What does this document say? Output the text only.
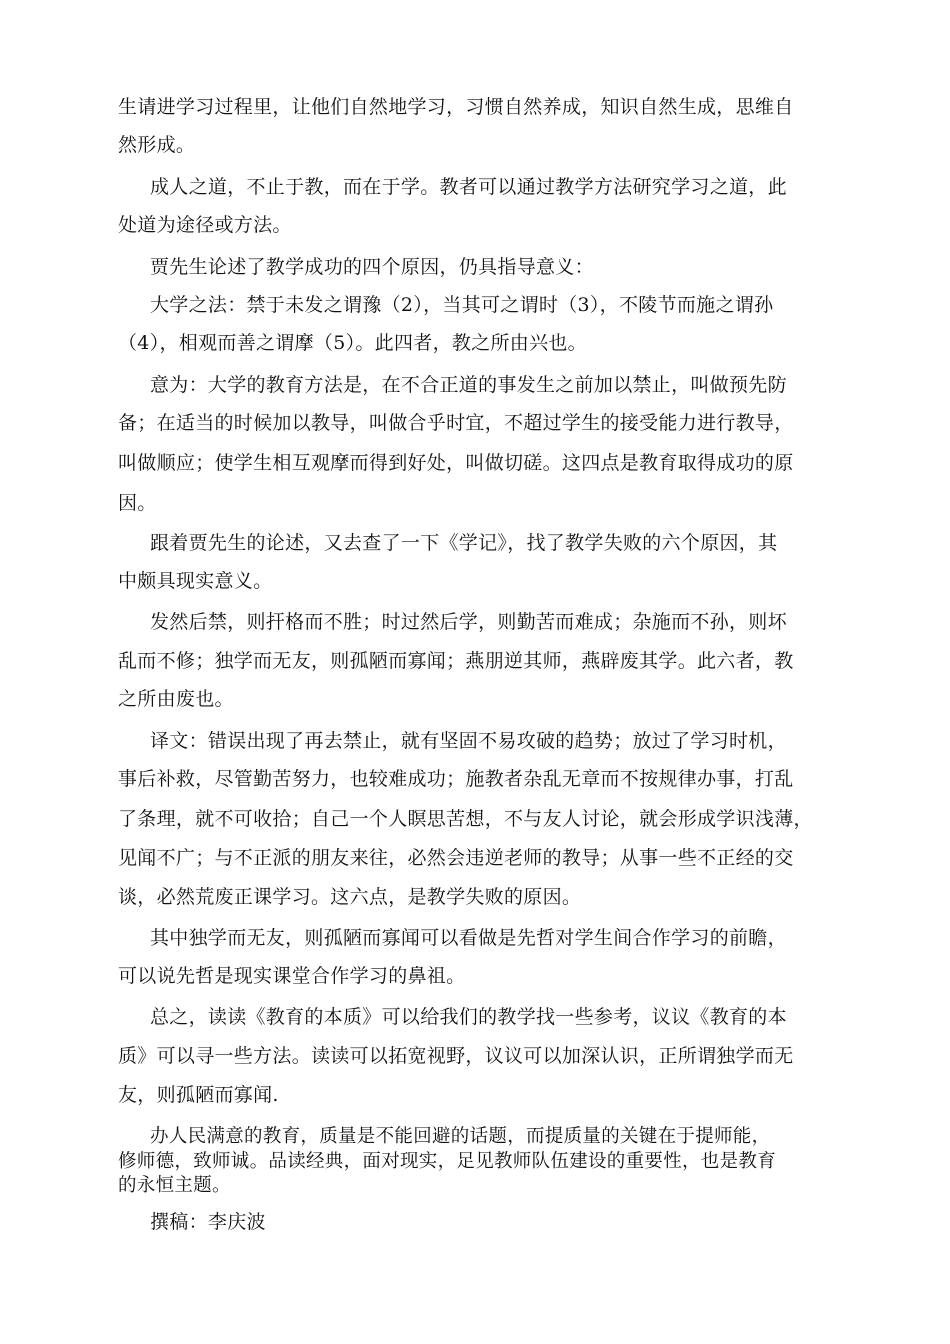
生请进学习过程里，让他们自然地学习，习惯自然养成，知识自然生成，思维自
然形成。
成人之道，不止于教，而在于学。教者可以通过教学方法研究学习之道，此
处道为途径或方法。
贾先生论述了教学成功的四个原因，仍具指导意义：
大学之法：禁于未发之谓豫（2），当其可之谓时（3），不陵节而施之谓孙
（4），相观而善之谓摩（5）。此四者，教之所由兴也。
意为：大学的教育方法是，在不合正道的事发生之前加以禁止，叫做预先防
备；在适当的时候加以教导，叫做合乎时宜，不超过学生的接受能力进行教导，
叫做顺应；使学生相互观摩而得到好处，叫做切磋。这四点是教育取得成功的原
因。
跟着贾先生的论述，又去查了一下《学记》，找了教学失败的六个原因，其
中颇具现实意义。
发然后禁，则扞格而不胜；时过然后学，则勤苦而难成；杂施而不孙，则坏
乱而不修；独学而无友，则孤陋而寡闻；燕朋逆其师，燕辟废其学。此六者，教
之所由废也。
译文：错误出现了再去禁止，就有坚固不易攻破的趋势；放过了学习时机，
事后补救，尽管勤苦努力，也较难成功；施教者杂乱无章而不按规律办事，打乱
了条理，就不可收拾；自己一个人瞑思苦想，不与友人讨论，就会形成学识浅薄，
见闻不广；与不正派的朋友来往，必然会违逆老师的教导；从事一些不正经的交
谈，必然荒废正课学习。这六点，是教学失败的原因。
其中独学而无友，则孤陋而寡闻可以看做是先哲对学生间合作学习的前瞻，
可以说先哲是现实课堂合作学习的鼻祖。
总之，读读《教育的本质》可以给我们的教学找一些参考，议议《教育的本
质》可以寻一些方法。读读可以拓宽视野，议议可以加深认识，正所谓独学而无
友，则孤陋而寡闻.
办人民满意的教育，质量是不能回避的话题，而提质量的关键在于提师能，
修师德，致师诚。品读经典，面对现实，足见教师队伍建设的重要性，也是教育
的永恒主题。
撰稿：李庆波
